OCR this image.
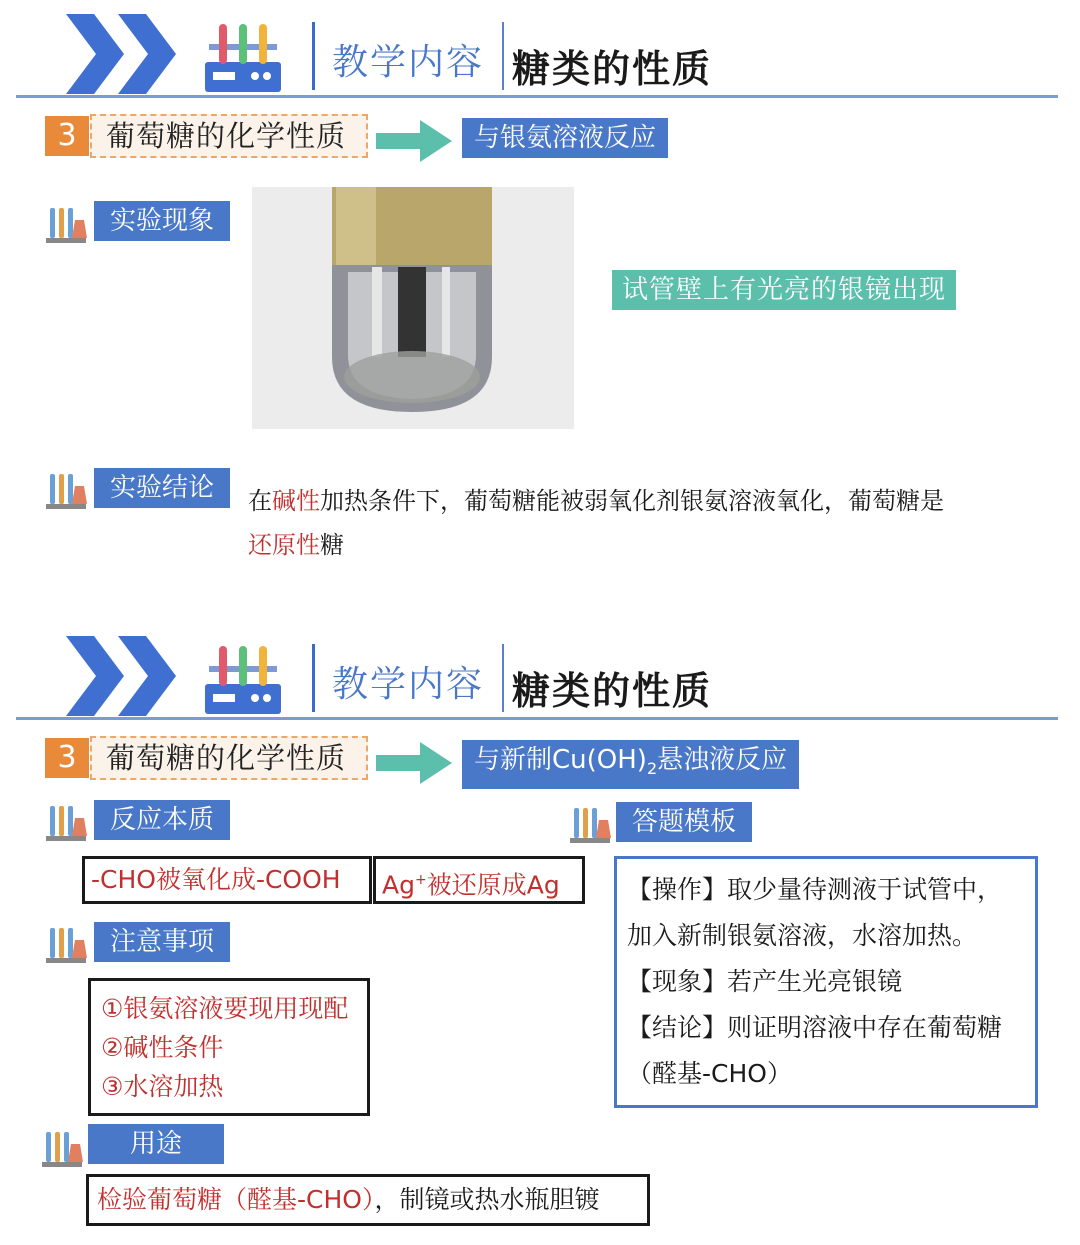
教学内容 糖类的性质
3	葡萄糖的化学性质	与银氨溶液反应
实验现象
试管壁上有光亮的银镜出现
实验结论	在碱性加热条件下，葡萄糖能被弱氧化剂银氨溶液氧化，葡萄糖是
还原性糖
教学内容 糖类的性质
3	葡萄糖的化学性质	与新制$Cu(OH)_2$悬浊液反应
反应本质
-CHO被氧化成-COOH	Ag+被还原成Ag
注意事项
①银氨溶液要现用现配
②碱性条件
③水溶加热
答题模板
【操作】取少量待测液于试管中，
加入新制银氨溶液，水溶加热。
【现象】若产生光亮银镜
【结论】则证明溶液中存在葡萄糖
（醛基-CHO）
用途
检验葡萄糖（醛基-CHO），制镜或热水瓶胆镀
